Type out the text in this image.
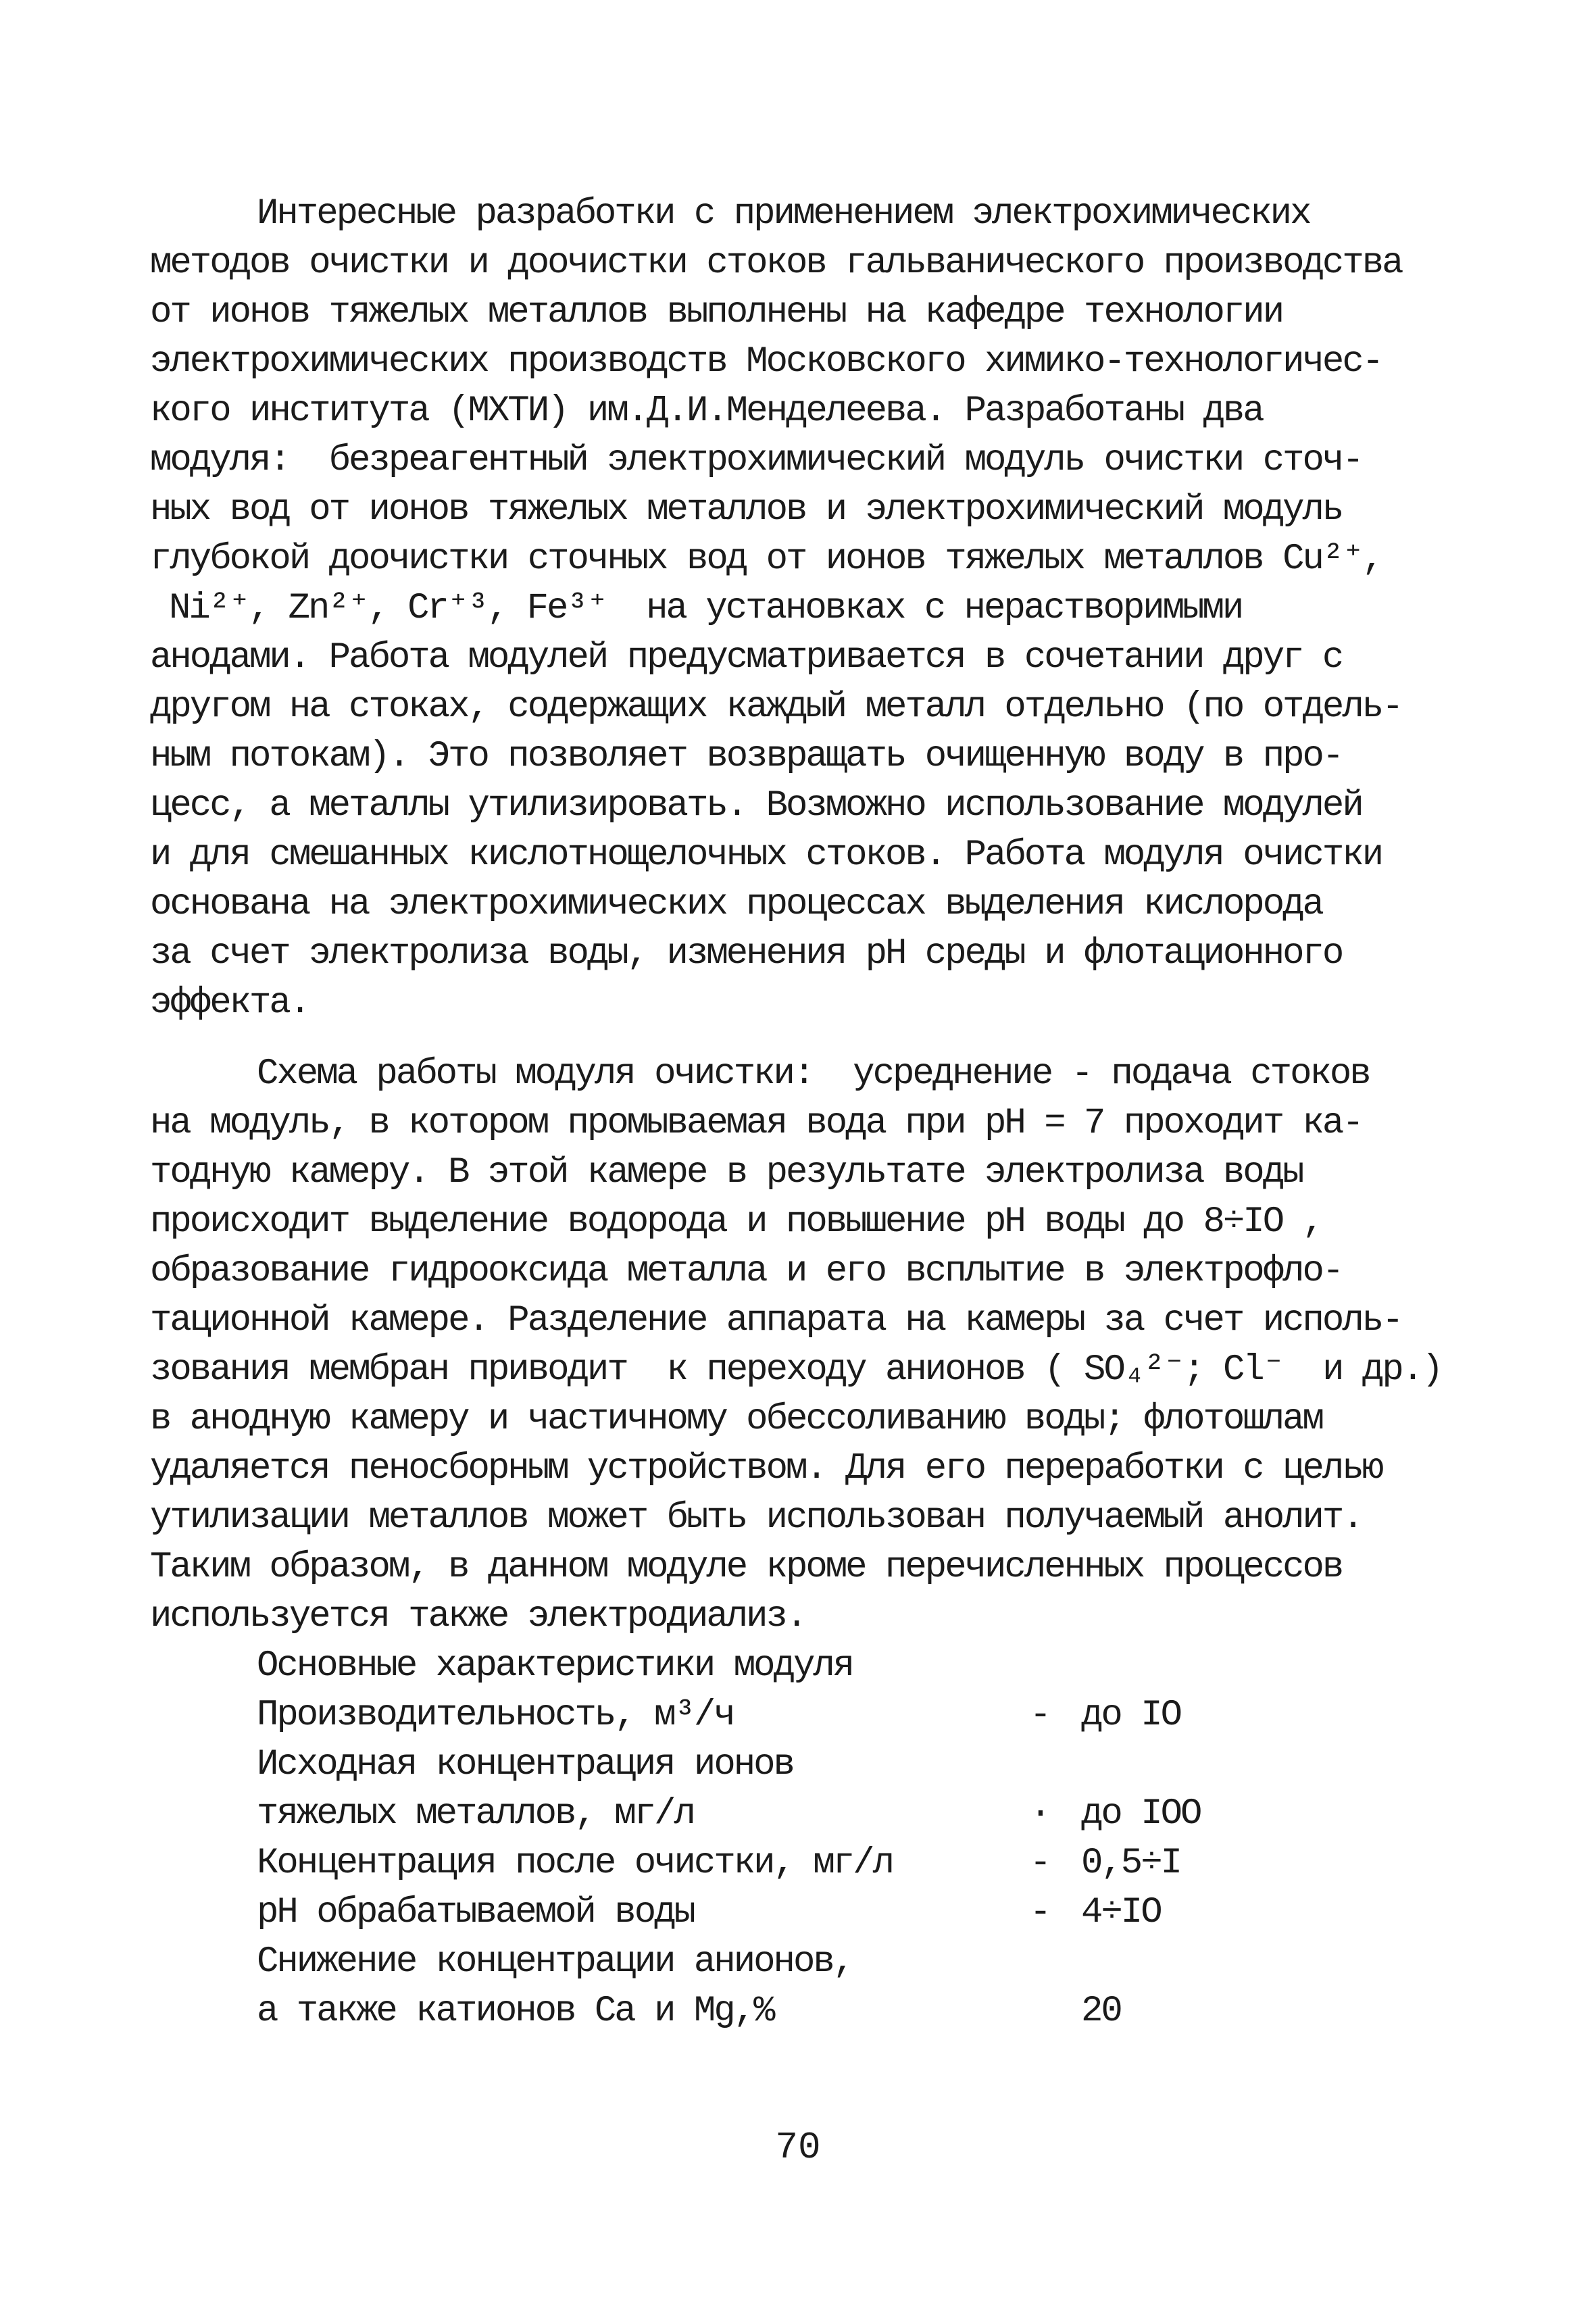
Интересные разработки с применением электрохимических
методов очистки и доочистки стоков гальванического производства
от ионов тяжелых металлов выполнены на кафедре технологии
электрохимических производств Московского химико-технологичес-
кого института (МХТИ) им.Д.И.Менделеева. Разработаны два
модуля:  безреагентный электрохимический модуль очистки сточ-
ных вод от ионов тяжелых металлов и электрохимический модуль
глубокой доочистки сточных вод от ионов тяжелых металлов Cu²⁺,
Ni²⁺, Zn²⁺, Cr⁺³, Fe³⁺  на установках с нерастворимыми
анодами. Работа модулей предусматривается в сочетании друг с
другом на стоках, содержащих каждый металл отдельно (по отдель-
ным потокам). Это позволяет возвращать очищенную воду в про-
цесс, а металлы утилизировать. Возможно использование модулей
и для смешанных кислотнощелочных стоков. Работа модуля очистки
основана на электрохимических процессах выделения кислорода
за счет электролиза воды, изменения pH среды и флотационного
эффекта.
Схема работы модуля очистки:  усреднение - подача стоков
на модуль, в котором промываемая вода при pH = 7 проходит ка-
тодную камеру. В этой камере в результате электролиза воды
происходит выделение водорода и повышение pH воды до 8÷IO ,
образование гидрооксида металла и его всплытие в электрофло-
тационной камере. Разделение аппарата на камеры за счет исполь-
зования мембран приводит  к переходу анионов ( SO₄²⁻; Cl⁻  и др.)
в анодную камеру и частичному обессоливанию воды; флотошлам
удаляется пеносборным устройством. Для его переработки с целью
утилизации металлов может быть использован получаемый анолит.
Таким образом, в данном модуле кроме перечисленных процессов
используется также электродиализ.
Основные характеристики модуля
Производительность, м³/ч	- до IO
Исходная концентрация ионов
тяжелых металлов, мг/л	· до IOO
Концентрация после очистки, мг/л	- 0,5÷I
pH обрабатываемой воды	- 4÷IO
Снижение концентрации анионов,
а также катионов Ca и Mg,%	20
70
